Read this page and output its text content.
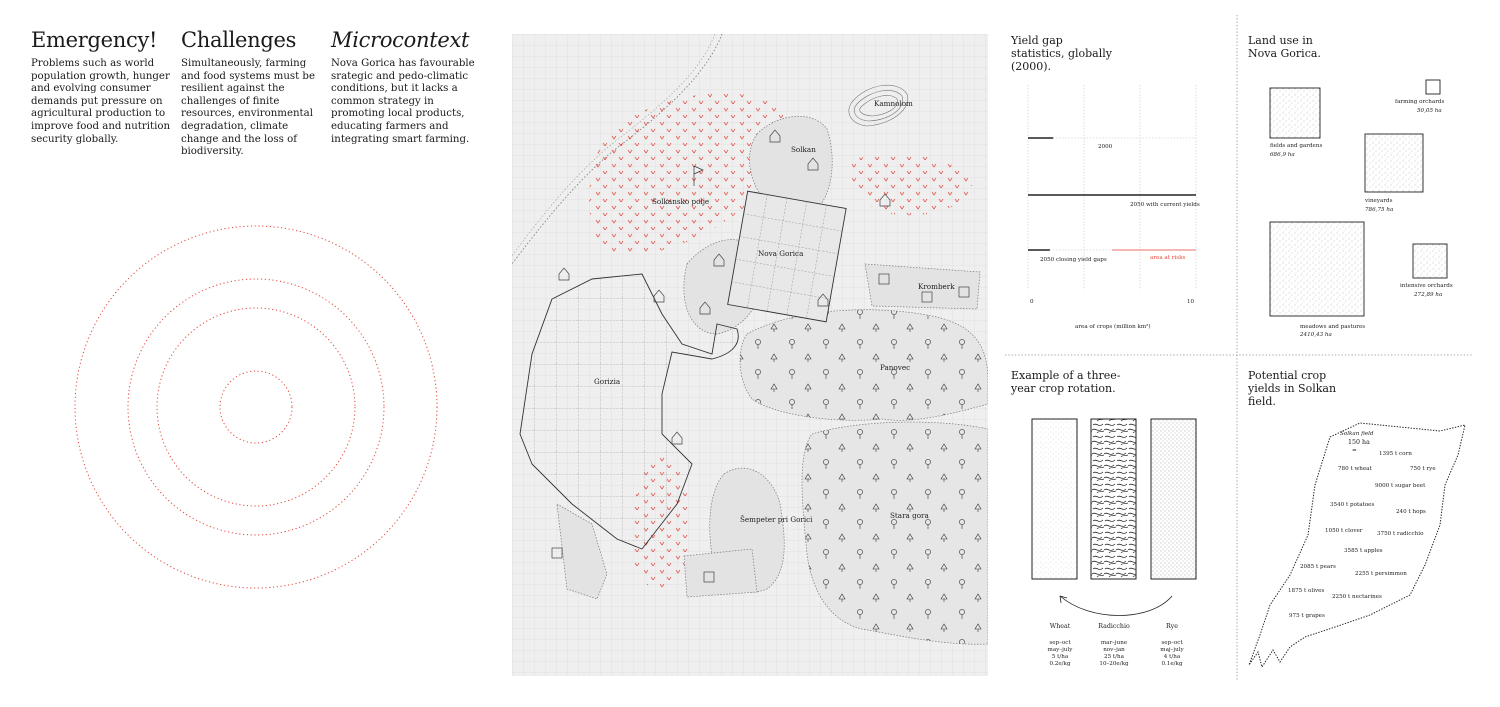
Emergency!

Problems such as world population growth, hunger and evolving consumer demands put pressure on agricultural production to improve food and nutrition security globally.

Challenges

Simultaneously, farming and food systems must be resilient against the challenges of finite resources, environmental degradation, climate change and the loss of biodiversity.

Microcontext

Nova Gorica has favourable srategic and pedo-climatic conditions, but it lacks a common strategy in promoting local products, educating farmers and integrating smart farming.

Kamnolom
Solkan
Solkansko polje
Nova Gorica
Kromberk
Panovec
Gorizia
Šempeter pri Gorici	Stara gora
Yield gap statistics, globally (2000).
2000
2050 with current yields
2050 closing yield gaps	area at risks
0	10
area of crops (million km²)
Land use in Nova Gorica.
farming orchards
50,05 ha
fields and gardens
686,9 ha
vineyards
786,75 ha
meadows and pastures
2410,43 ha
intensive orchards
272,89 ha
Example of a three-year crop rotation.
Wheat	Radicchio	Rye
sep–oct
may–july
5 t/ha
0.2e/kg
mar–june
nov–jan
25 t/ha
10–20e/kg
sep–oct
maj–july
4 t/ha
0.1e/kg
Potential crop yields in Solkan field.
Solkan field
150 ha
=	1395 t corn
780 t wheat	750 t rye
9000 t sugar beet
3540 t potatoes
240 t hops
1050 t clover	3750 t radicchio
3585 t apples
2085 t pears
2255 t persimmon
1875 t olives
2250 t nectarines
975 t grapes
